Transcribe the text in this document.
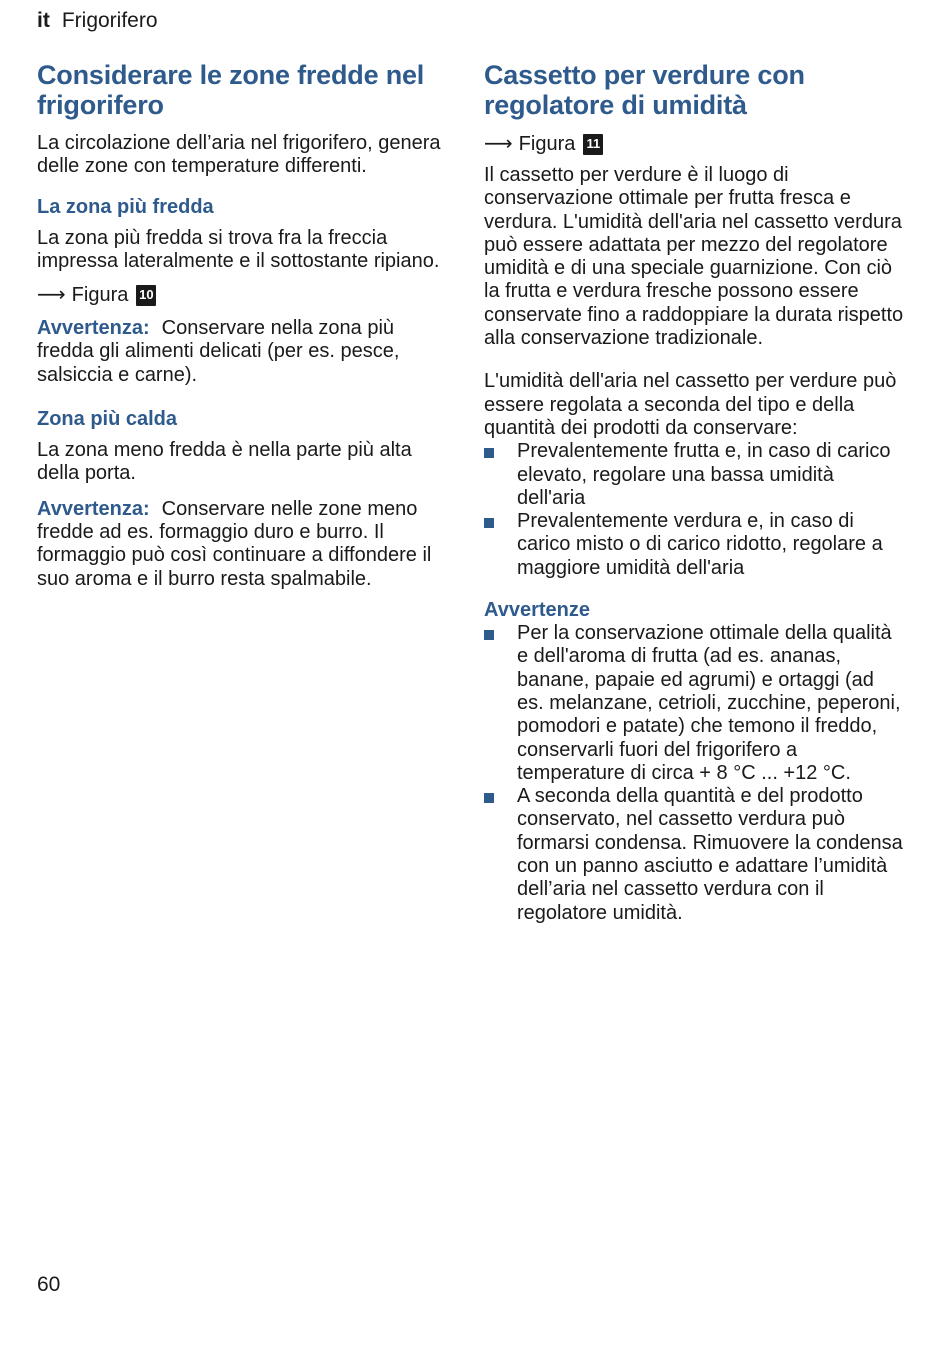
it Frigorifero
Considerare le zone fredde nel frigorifero

La circolazione dell’aria nel frigorifero, genera delle zone con temperature differenti.

La zona più fredda

La zona più fredda si trova fra la freccia impressa lateralmente e il sottostante ripiano.

⟶ Figura 10

Avvertenza: Conservare nella zona più fredda gli alimenti delicati (per es. pesce, salsiccia e carne).

Zona più calda

La zona meno fredda è nella parte più alta della porta.

Avvertenza: Conservare nelle zone meno fredde ad es. formaggio duro e burro. Il formaggio può così continuare a diffondere il suo aroma e il burro resta spalmabile.

Cassetto per verdure con regolatore di umidità
⟶ Figura 11

Il cassetto per verdure è il luogo di conservazione ottimale per frutta fresca e verdura. L'umidità dell'aria nel cassetto verdura può essere adattata per mezzo del regolatore umidità e di una speciale guarnizione. Con ciò la frutta e verdura fresche possono essere conservate fino a raddoppiare la durata rispetto alla conservazione tradizionale.

L'umidità dell'aria nel cassetto per verdure può essere regolata a seconda del tipo e della quantità dei prodotti da conservare:

Prevalentemente frutta e, in caso di carico elevato, regolare una bassa umidità dell'aria
Prevalentemente verdura e, in caso di carico misto o di carico ridotto, regolare a maggiore umidità dell'aria
Avvertenze
Per la conservazione ottimale della qualità e dell'aroma di frutta (ad es. ananas, banane, papaie ed agrumi) e ortaggi (ad es. melanzane, cetrioli, zucchine, peperoni, pomodori e patate) che temono il freddo, conservarli fuori del frigorifero a temperature di circa + 8 °C ... +12 °C.
A seconda della quantità e del prodotto conservato, nel cassetto verdura può formarsi condensa. Rimuovere la condensa con un panno asciutto e adattare l’umidità dell’aria nel cassetto verdura con il regolatore umidità.
60
